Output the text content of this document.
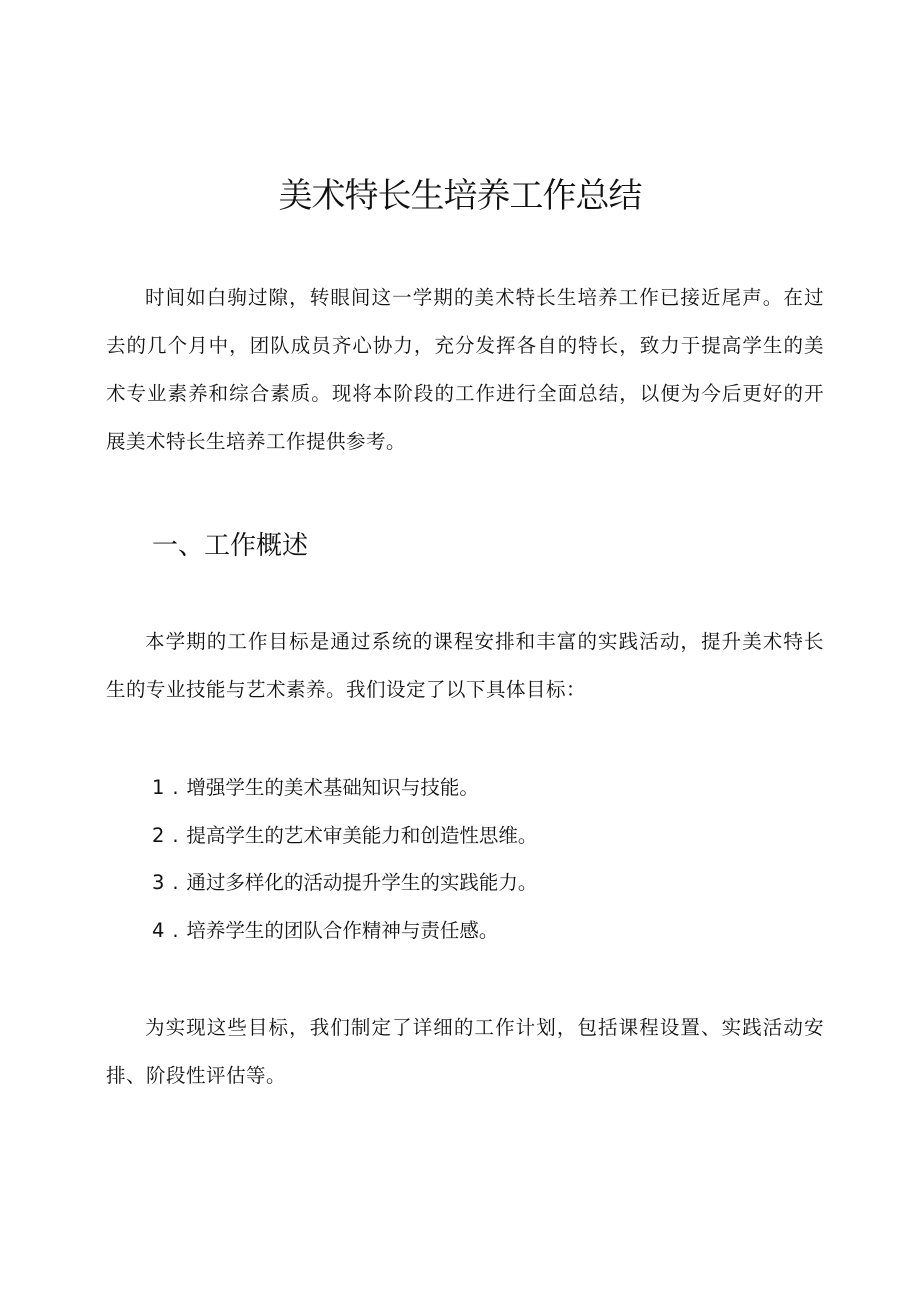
美术特长生培养工作总结

时间如白驹过隙，转眼间这一学期的美术特长生培养工作已接近尾声。在过去的几个月中，团队成员齐心协力，充分发挥各自的特长，致力于提高学生的美术专业素养和综合素质。现将本阶段的工作进行全面总结，以便为今后更好的开展美术特长生培养工作提供参考。

一、工作概述

本学期的工作目标是通过系统的课程安排和丰富的实践活动，提升美术特长生的专业技能与艺术素养。我们设定了以下具体目标：

1 . 增强学生的美术基础知识与技能。
2 . 提高学生的艺术审美能力和创造性思维。
3 . 通过多样化的活动提升学生的实践能力。
4 . 培养学生的团队合作精神与责任感。

为实现这些目标，我们制定了详细的工作计划，包括课程设置、实践活动安排、阶段性评估等。
